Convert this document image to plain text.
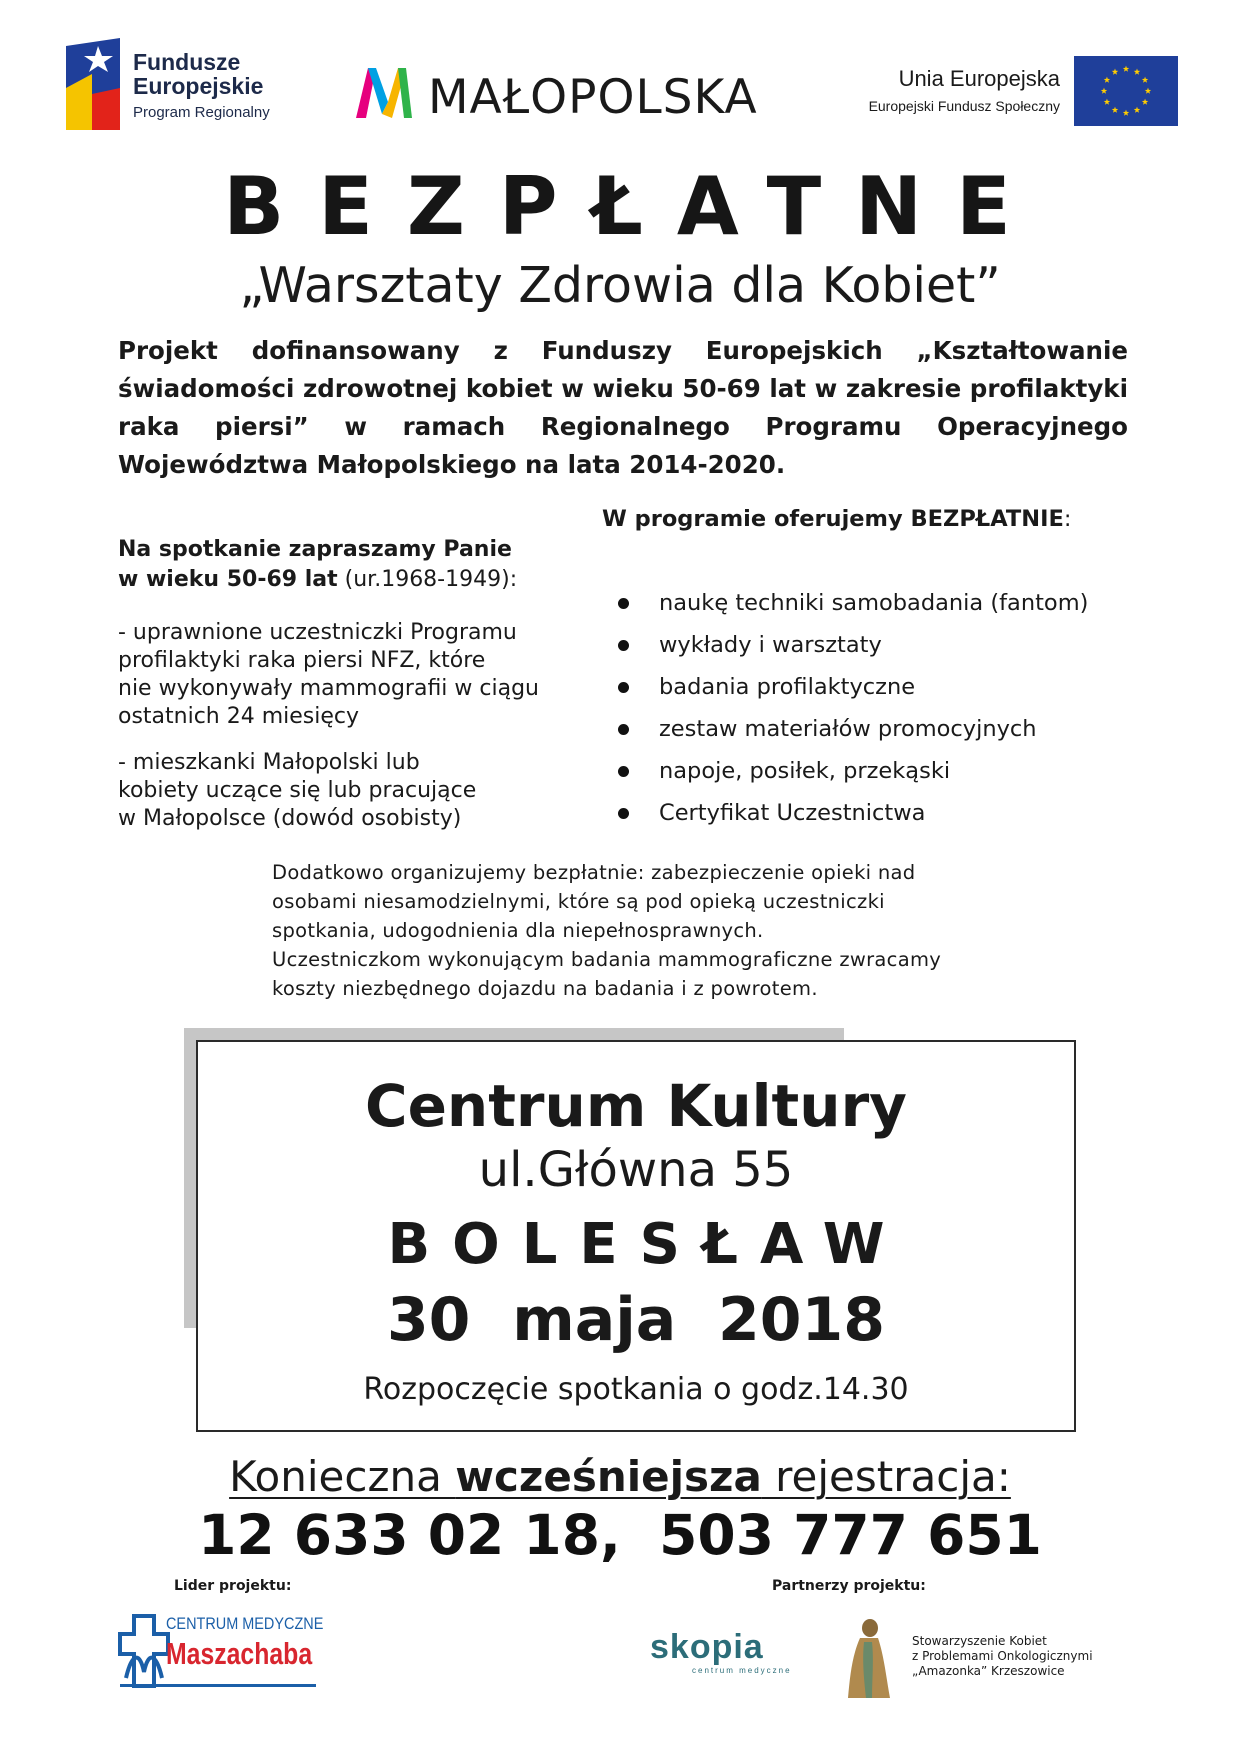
Fundusze
Europejskie
Program Regionalny	MAŁOPOLSKA	Unia Europejska
Europejski Fundusz Społeczny
BEZPŁATNE
„Warsztaty Zdrowia dla Kobiet”
Projekt dofinansowany z Funduszy Europejskich „Kształtowanie świadomości zdrowotnej kobiet w wieku 50-69 lat w zakresie profilaktyki raka piersi” w ramach Regionalnego Programu Operacyjnego Województwa Małopolskiego na lata 2014-2020.
Na spotkanie zapraszamy Panie
w wieku 50-69 lat (ur.1968-1949):
- uprawnione uczestniczki Programu
profilaktyki raka piersi NFZ, które
nie wykonywały mammografii w ciągu
ostatnich 24 miesięcy
- mieszkanki Małopolski lub
kobiety uczące się lub pracujące
w Małopolsce (dowód osobisty)
W programie oferujemy BEZPŁATNIE:
naukę techniki samobadania (fantom)
wykłady i warsztaty
badania profilaktyczne
zestaw materiałów promocyjnych
napoje, posiłek, przekąski
Certyfikat Uczestnictwa

Dodatkowo organizujemy bezpłatnie: zabezpieczenie opieki nad
osobami niesamodzielnymi, które są pod opieką uczestniczki
spotkania, udogodnienia dla niepełnosprawnych.

Uczestniczkom wykonującym badania mammograficzne zwracamy
koszty niezbędnego dojazdu na badania i z powrotem.

Centrum Kultury
ul.Główna 55
BOLESŁAW
30  maja  2018
Rozpoczęcie spotkania o godz.14.30
Konieczna wcześniejsza rejestracja:
12 633 02 18,  503 777 651
Lider projektu:	Partnerzy projektu:
CENTRUM MEDYCZNE
Maszachaba	skopia
centrum medyczne
Stowarzyszenie Kobiet
z Problemami Onkologicznymi
„Amazonka” Krzeszowice
